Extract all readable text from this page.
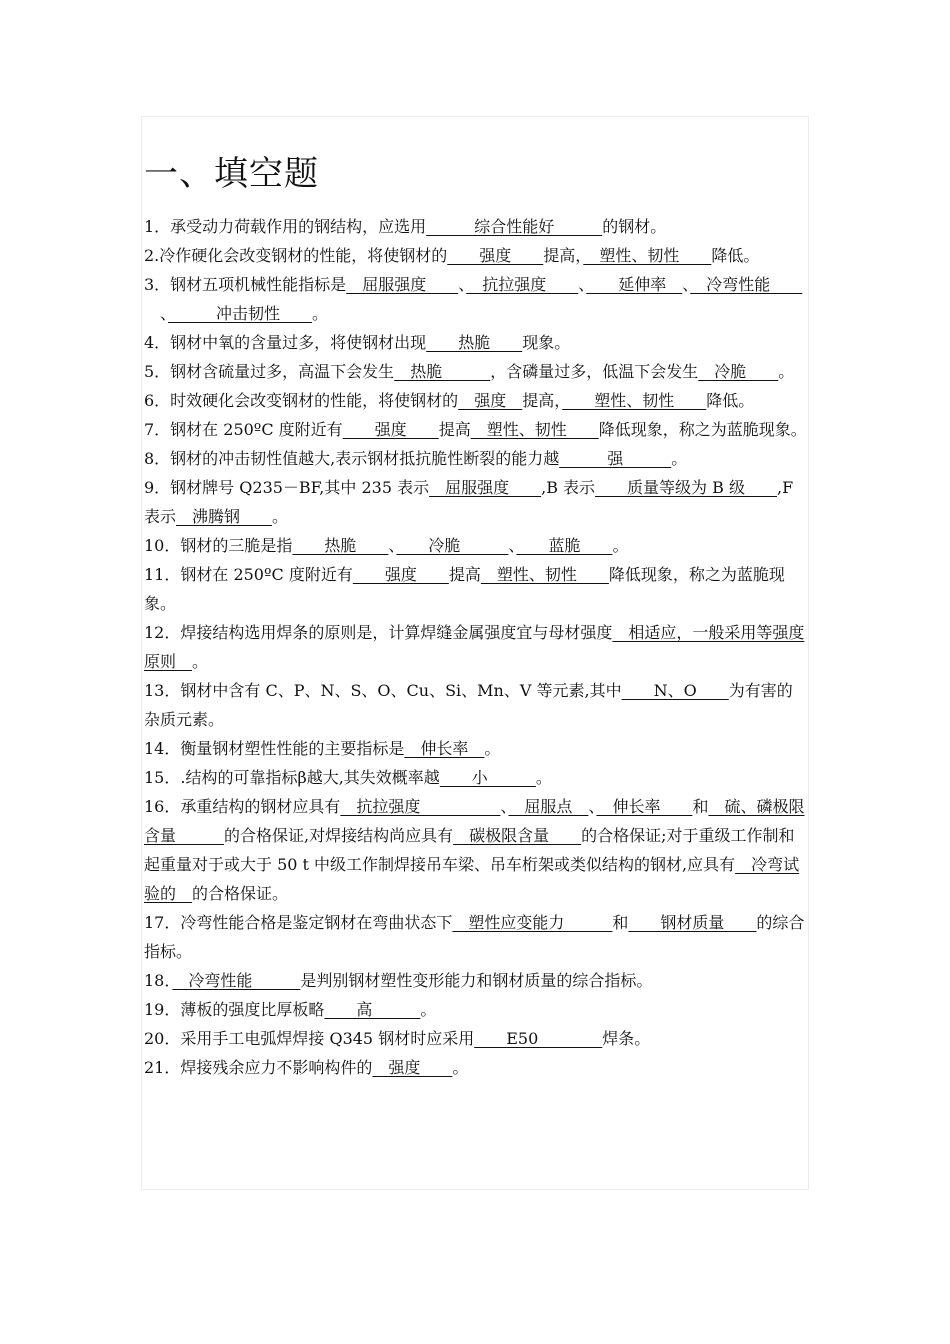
一、填空题

1．承受动力荷载作用的钢结构，应选用　　　综合性能好　　　的钢材。

2.冷作硬化会改变钢材的性能，将使钢材的　　强度　　提高，　塑性、韧性　　降低。

3．钢材五项机械性能指标是　屈服强度　　、　抗拉强度　　、　　延伸率　、　冷弯性能　　　、　　　冲击韧性　　。

4．钢材中氧的含量过多，将使钢材出现　　热脆　　现象。

5．钢材含硫量过多，高温下会发生　热脆　　　，含磷量过多，低温下会发生　冷脆　　。

6．时效硬化会改变钢材的性能，将使钢材的　强度　提高，　　塑性、韧性　　降低。

7．钢材在 250ºC 度附近有　　强度　　提高　塑性、韧性　　降低现象，称之为蓝脆现象。

8．钢材的冲击韧性值越大,表示钢材抵抗脆性断裂的能力越　　　强　　　。

9．钢材牌号 Q235－BF,其中 235 表示　屈服强度　　,B 表示　　质量等级为 B 级　　,F 表示　沸腾钢　　。

10．钢材的三脆是指　　热脆　　、　　冷脆　　　、　　蓝脆　　。

11．钢材在 250ºC 度附近有　　强度　　提高　塑性、韧性　　降低现象，称之为蓝脆现象。

12．焊接结构选用焊条的原则是，计算焊缝金属强度宜与母材强度　相适应，一般采用等强度原则　。

13．钢材中含有 C、P、N、S、O、Cu、Si、Mn、V 等元素,其中　　N、O　　为有害的杂质元素。

14．衡量钢材塑性性能的主要指标是　伸长率　。

15．.结构的可靠指标β越大,其失效概率越　　小　　　。

16．承重结构的钢材应具有　抗拉强度　　　　　、　屈服点　、　伸长率　　和　硫、磷极限含量　　　的合格保证,对焊接结构尚应具有　碳极限含量　　的合格保证;对于重级工作制和起重量对于或大于 50 t 中级工作制焊接吊车梁、吊车桁架或类似结构的钢材,应具有　冷弯试验的　的合格保证。

17．冷弯性能合格是鉴定钢材在弯曲状态下　塑性应变能力　　　和　　钢材质量　　的综合指标。

18．　冷弯性能　　　是判别钢材塑性变形能力和钢材质量的综合指标。

19．薄板的强度比厚板略　　高　　　。

20．采用手工电弧焊焊接 Q345 钢材时应采用　　E50　　　　焊条。

21．焊接残余应力不影响构件的　强度　　。
